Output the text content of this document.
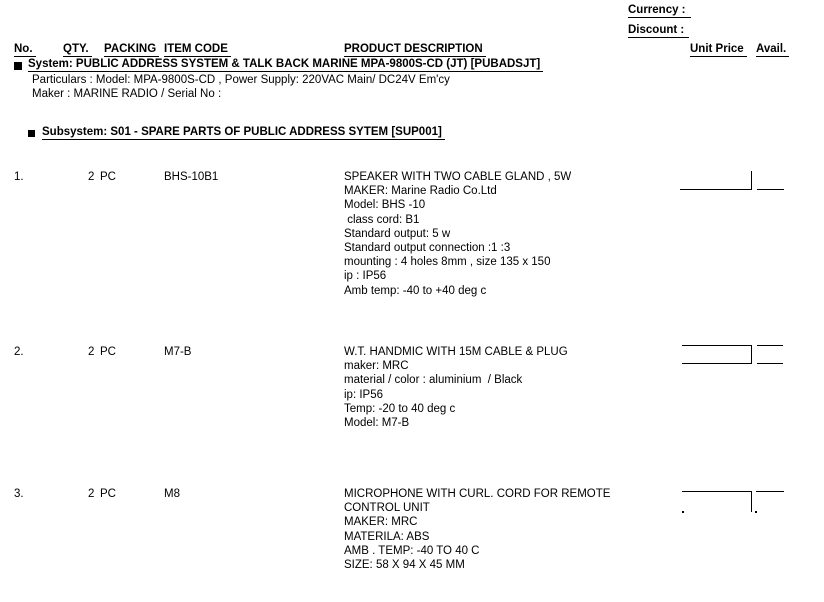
Currency :
Discount :
No.	QTY. PACKING ITEM CODE	PRODUCT DESCRIPTION	Unit Price Avail.
System: PUBLIC ADDRESS SYSTEM & TALK BACK MARINE MPA-9800S-CD (JT) [PUBADSJT]
Particulars : Model: MPA-9800S-CD , Power Supply: 220VAC Main/ DC24V Em'cy
Maker : MARINE RADIO / Serial No :
Subsystem: S01 - SPARE PARTS OF PUBLIC ADDRESS SYTEM [SUP001]
1.	2 PC	BHS-10B1	SPEAKER WITH TWO CABLE GLAND , 5W
MAKER: Marine Radio Co.Ltd
Model: BHS -10
class cord: B1
Standard output: 5 w
Standard output connection :1 :3
mounting : 4 holes 8mm , size 135 x 150
ip : IP56
Amb temp: -40 to +40 deg c
2.	2 PC	M7-B	W.T. HANDMIC WITH 15M CABLE & PLUG
maker: MRC
material / color : aluminium  / Black
ip: IP56
Temp: -20 to 40 deg c
Model: M7-B
3.	2 PC	M8	MICROPHONE WITH CURL. CORD FOR REMOTE
CONTROL UNIT
MAKER: MRC
MATERILA: ABS
AMB . TEMP: -40 TO 40 C
SIZE: 58 X 94 X 45 MM
